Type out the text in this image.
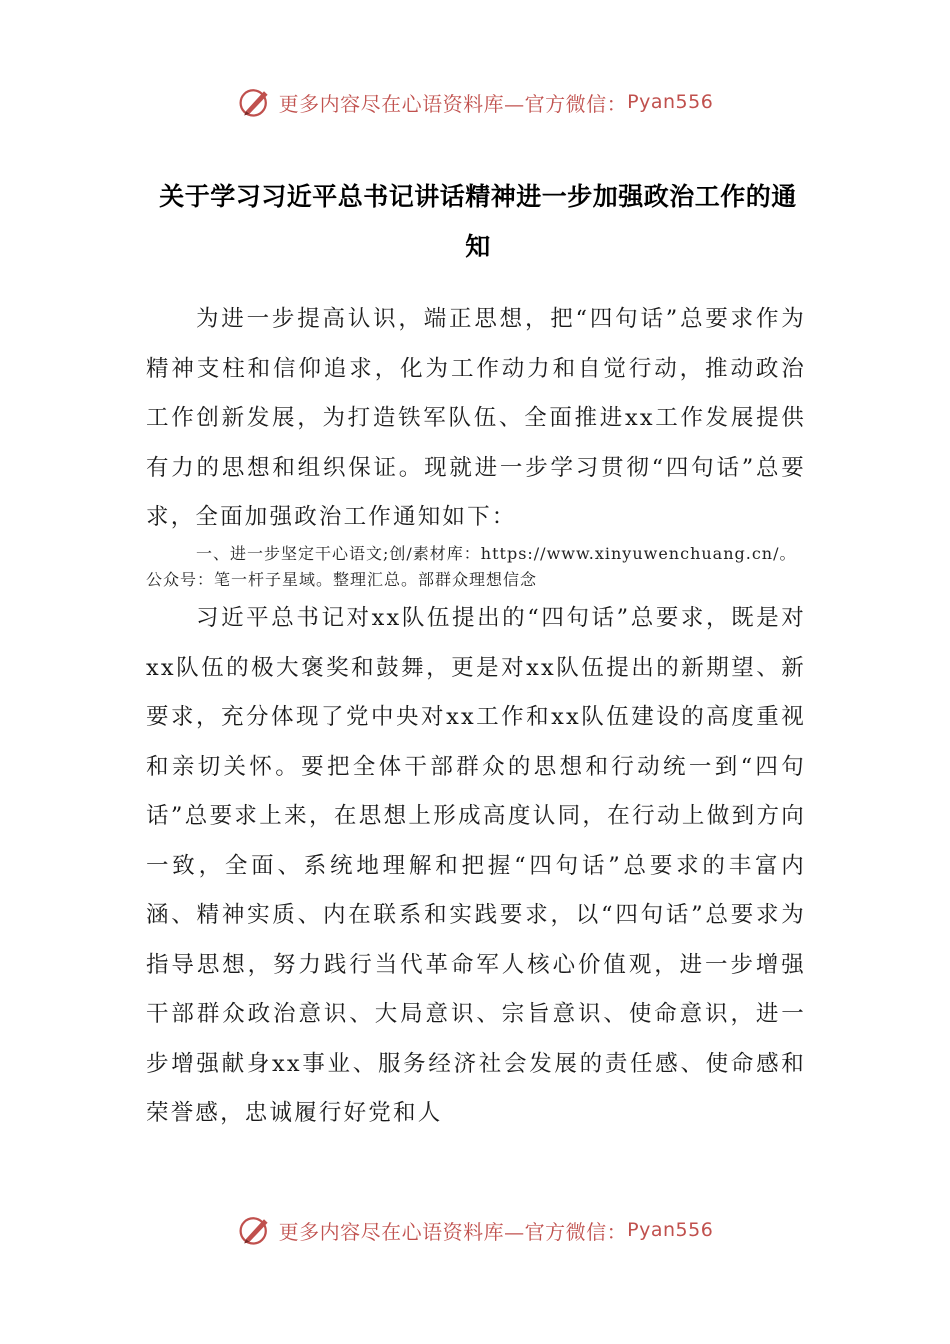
更多内容尽在心语资料库—官方微信： Pyan556
关于学习习近平总书记讲话精神进一步加强政治工作的通知

为进一步提高认识，端正思想，把“四句话”总要求作为精神支柱和信仰追求，化为工作动力和自觉行动，推动政治工作创新发展，为打造铁军队伍、全面推进xx工作发展提供有力的思想和组织保证。现就进一步学习贯彻“四句话”总要求，全面加强政治工作通知如下：

一、进一步坚定干心语文;创/素材库：https://www.xinyuwenchuang.cn/。公众号：笔一杆子星域。整理汇总。部群众理想信念

习近平总书记对xx队伍提出的“四句话”总要求，既是对xx队伍的极大褒奖和鼓舞，更是对xx队伍提出的新期望、新要求，充分体现了党中央对xx工作和xx队伍建设的高度重视和亲切关怀。要把全体干部群众的思想和行动统一到“四句话”总要求上来，在思想上形成高度认同，在行动上做到方向一致，全面、系统地理解和把握“四句话”总要求的丰富内涵、精神实质、内在联系和实践要求，以“四句话”总要求为指导思想，努力践行当代革命军人核心价值观，进一步增强干部群众政治意识、大局意识、宗旨意识、使命意识，进一步增强献身xx事业、服务经济社会发展的责任感、使命感和荣誉感，忠诚履行好党和人

更多内容尽在心语资料库—官方微信： Pyan556
